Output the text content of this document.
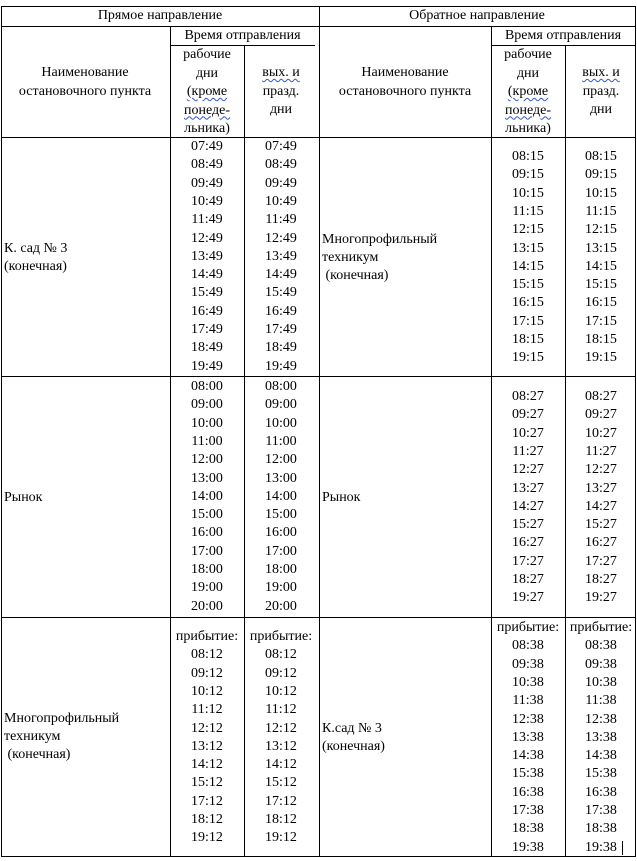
Прямое направление	Обратное направление
Наименование остановочного пункта
Наименование остановочного пункта
Время отправления	Время отправления
рабочие
дни
(кроме
понеде-
льника)
вых. и
празд.
дни
рабочие
дни
(кроме
понеде-
льника)
вых. и
празд.
дни
К. сад № 3
(конечная)
07:49
08:49
09:49
10:49
11:49
12:49
13:49
14:49
15:49
16:49
17:49
18:49
19:49
07:49
08:49
09:49
10:49
11:49
12:49
13:49
14:49
15:49
16:49
17:49
18:49
19:49
Многопрофильный
техникум
(конечная)
08:15
09:15
10:15
11:15
12:15
13:15
14:15
15:15
16:15
17:15
18:15
19:15
08:15
09:15
10:15
11:15
12:15
13:15
14:15
15:15
16:15
17:15
18:15
19:15
Рынок
08:00
09:00
10:00
11:00
12:00
13:00
14:00
15:00
16:00
17:00
18:00
19:00
20:00
08:00
09:00
10:00
11:00
12:00
13:00
14:00
15:00
16:00
17:00
18:00
19:00
20:00
Рынок
08:27
09:27
10:27
11:27
12:27
13:27
14:27
15:27
16:27
17:27
18:27
19:27
08:27
09:27
10:27
11:27
12:27
13:27
14:27
15:27
16:27
17:27
18:27
19:27
Многопрофильный
техникум
(конечная)
прибытие:
08:12
09:12
10:12
11:12
12:12
13:12
14:12
15:12
17:12
18:12
19:12
прибытие:
08:12
09:12
10:12
11:12
12:12
13:12
14:12
15:12
17:12
18:12
19:12
К.сад № 3
(конечная)
прибытие:
08:38
09:38
10:38
11:38
12:38
13:38
14:38
15:38
16:38
17:38
18:38
19:38
прибытие:
08:38
09:38
10:38
11:38
12:38
13:38
14:38
15:38
16:38
17:38
18:38
19:38
